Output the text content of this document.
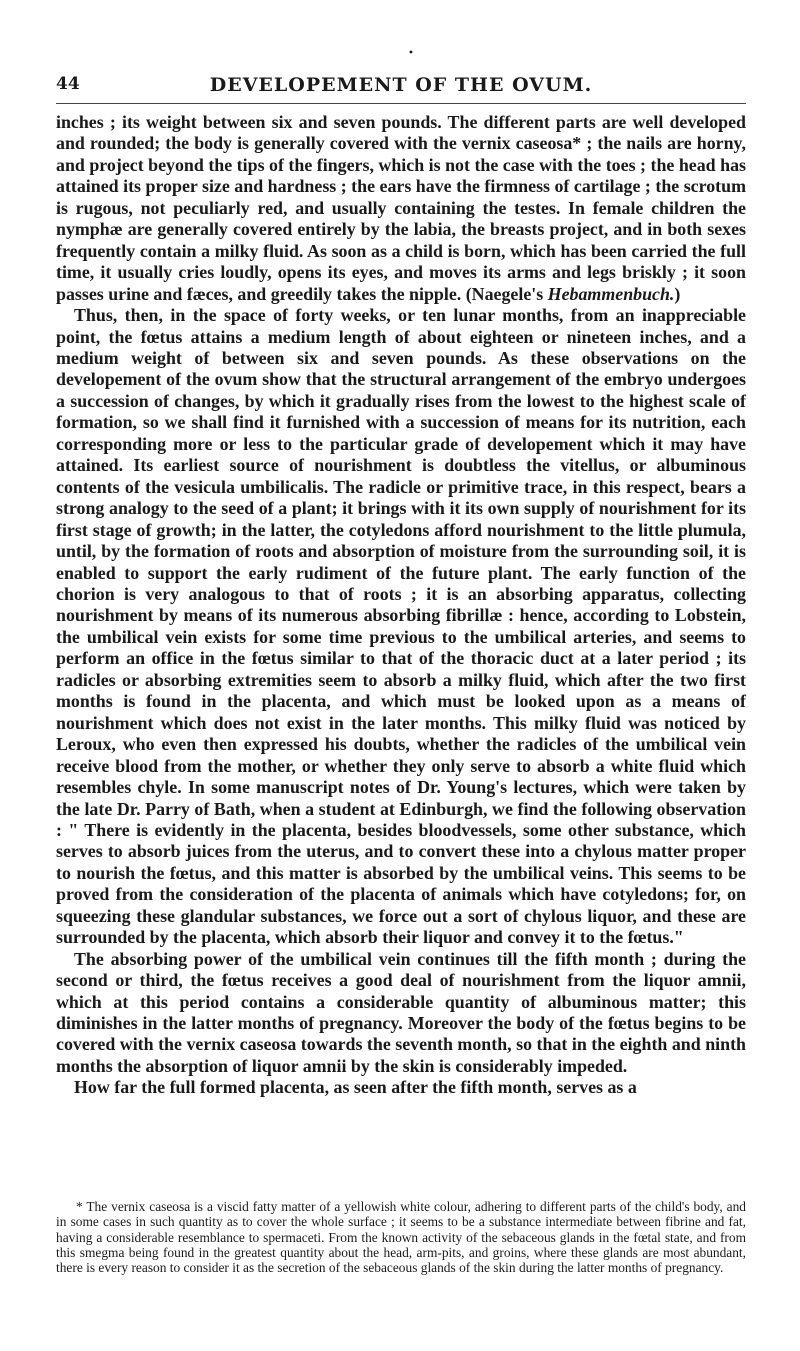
•
44	DEVELOPEMENT OF THE OVUM.

inches ; its weight between six and seven pounds. The different parts are well developed and rounded; the body is generally covered with the vernix caseosa* ; the nails are horny, and project beyond the tips of the fingers, which is not the case with the toes ; the head has attained its proper size and hardness ; the ears have the firmness of cartilage ; the scrotum is rugous, not peculiarly red, and usually containing the testes. In female children the nymphæ are generally covered entirely by the labia, the breasts project, and in both sexes frequently contain a milky fluid. As soon as a child is born, which has been carried the full time, it usually cries loudly, opens its eyes, and moves its arms and legs briskly ; it soon passes urine and fæces, and greedily takes the nipple. (Naegele's Hebammenbuch.)

Thus, then, in the space of forty weeks, or ten lunar months, from an inappreciable point, the fœtus attains a medium length of about eighteen or nineteen inches, and a medium weight of between six and seven pounds. As these observations on the developement of the ovum show that the structural arrangement of the embryo undergoes a succession of changes, by which it gradually rises from the lowest to the highest scale of formation, so we shall find it furnished with a succession of means for its nutrition, each corresponding more or less to the particular grade of developement which it may have attained. Its earliest source of nourishment is doubtless the vitellus, or albuminous contents of the vesicula umbilicalis. The radicle or primitive trace, in this respect, bears a strong analogy to the seed of a plant; it brings with it its own supply of nourishment for its first stage of growth; in the latter, the cotyledons afford nourishment to the little plumula, until, by the formation of roots and absorption of moisture from the surrounding soil, it is enabled to support the early rudiment of the future plant. The early function of the chorion is very analogous to that of roots ; it is an absorbing apparatus, collecting nourishment by means of its numerous absorbing fibrillæ : hence, according to Lobstein, the umbilical vein exists for some time previous to the umbilical arteries, and seems to perform an office in the fœtus similar to that of the thoracic duct at a later period ; its radicles or absorbing extremities seem to absorb a milky fluid, which after the two first months is found in the placenta, and which must be looked upon as a means of nourishment which does not exist in the later months. This milky fluid was noticed by Leroux, who even then expressed his doubts, whether the radicles of the umbilical vein receive blood from the mother, or whether they only serve to absorb a white fluid which resembles chyle. In some manuscript notes of Dr. Young's lectures, which were taken by the late Dr. Parry of Bath, when a student at Edinburgh, we find the following observation : " There is evidently in the placenta, besides bloodvessels, some other substance, which serves to absorb juices from the uterus, and to convert these into a chylous matter proper to nourish the fœtus, and this matter is absorbed by the umbilical veins. This seems to be proved from the consideration of the placenta of animals which have cotyledons; for, on squeezing these glandular substances, we force out a sort of chylous liquor, and these are surrounded by the placenta, which absorb their liquor and convey it to the fœtus."

The absorbing power of the umbilical vein continues till the fifth month ; during the second or third, the fœtus receives a good deal of nourishment from the liquor amnii, which at this period contains a considerable quantity of albuminous matter; this diminishes in the latter months of pregnancy. Moreover the body of the fœtus begins to be covered with the vernix caseosa towards the seventh month, so that in the eighth and ninth months the absorption of liquor amnii by the skin is considerably impeded.

How far the full formed placenta, as seen after the fifth month, serves as a

* The vernix caseosa is a viscid fatty matter of a yellowish white colour, adhering to different parts of the child's body, and in some cases in such quantity as to cover the whole surface ; it seems to be a substance intermediate between fibrine and fat, having a considerable resemblance to spermaceti. From the known activity of the sebaceous glands in the fœtal state, and from this smegma being found in the greatest quantity about the head, arm-pits, and groins, where these glands are most abundant, there is every reason to consider it as the secretion of the sebaceous glands of the skin during the latter months of pregnancy.
